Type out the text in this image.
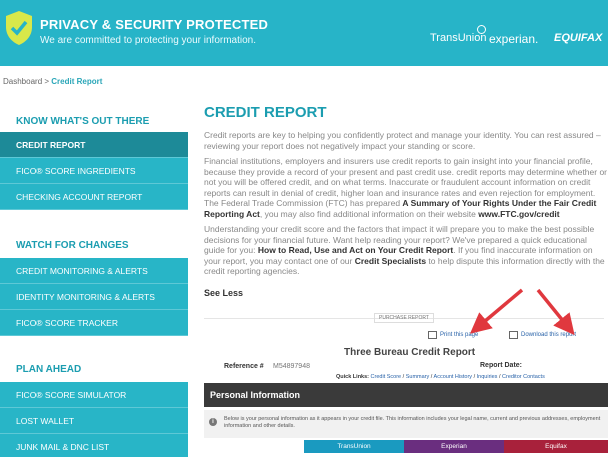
PRIVACY & SECURITY PROTECTED
We are committed to protecting your information.	TransUnion experian. EQUIFAX
Dashboard > Credit Report
KNOW WHAT'S OUT THERE
CREDIT REPORT
FICO® SCORE INGREDIENTS
CHECKING ACCOUNT REPORT
WATCH FOR CHANGES
CREDIT MONITORING & ALERTS
IDENTITY MONITORING & ALERTS
FICO® SCORE TRACKER
PLAN AHEAD
FICO® SCORE SIMULATOR
LOST WALLET
JUNK MAIL & DNC LIST
CREDIT REPORT
Credit reports are key to helping you confidently protect and manage your identity. You can rest assured – reviewing your report does not negatively impact your standing or score.
Financial institutions, employers and insurers use credit reports to gain insight into your financial profile, because they provide a record of your present and past credit use. credit reports may determine whether or not you will be offered credit, and on what terms. Inaccurate or fraudulent account information on credit reports can result in denial of credit, higher loan and insurance rates and even rejection for employment. The Federal Trade Commission (FTC) has prepared A Summary of Your Rights Under the Fair Credit Reporting Act, you may also find additional information on their website www.FTC.gov/credit
Understanding your credit score and the factors that impact it will prepare you to make the best possible decisions for your financial future. Want help reading your report? We've prepared a quick educational guide for you: How to Read, Use and Act on Your Credit Report. If you find inaccurate information on your report, you may contact one of our Credit Specialists to help dispute this information directly with the credit reporting agencies.
See Less
PURCHASE REPORT
Print this page	Download this report
Three Bureau Credit Report
Reference # M54897948	Report Date:
Quick Links: Credit Score / Summary / Account History / Inquiries / Creditor Contacts
Personal Information
Below is your personal information as it appears in your credit file. This information includes your legal name, current and previous addresses, employment information and other details.
i
TransUnion	Experian	Equifax
